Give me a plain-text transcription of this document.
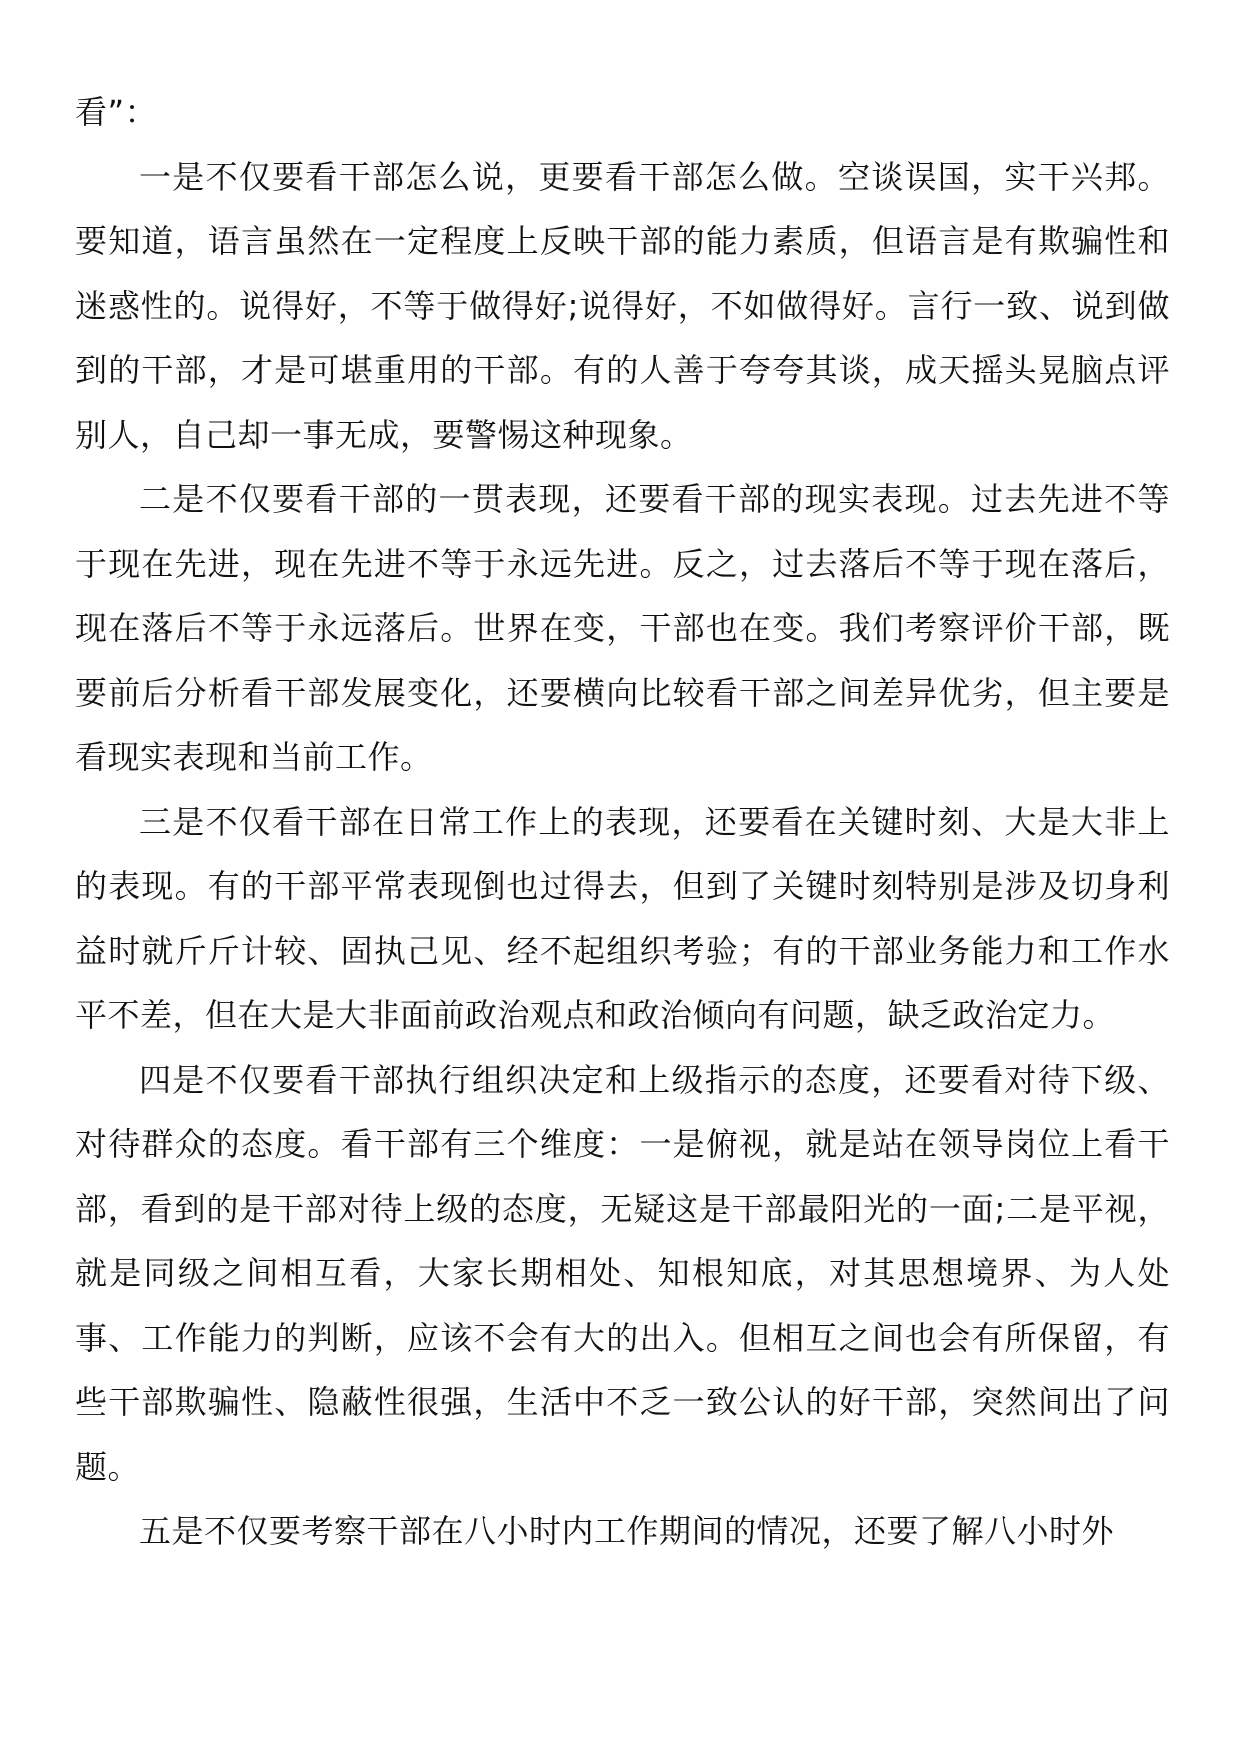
看”：

一是不仅要看干部怎么说，更要看干部怎么做。空谈误国，实干兴邦。要知道，语言虽然在一定程度上反映干部的能力素质，但语言是有欺骗性和迷惑性的。说得好，不等于做得好;说得好，不如做得好。言行一致、说到做到的干部，才是可堪重用的干部。有的人善于夸夸其谈，成天摇头晃脑点评别人，自己却一事无成，要警惕这种现象。

二是不仅要看干部的一贯表现，还要看干部的现实表现。过去先进不等于现在先进，现在先进不等于永远先进。反之，过去落后不等于现在落后，现在落后不等于永远落后。世界在变，干部也在变。我们考察评价干部，既要前后分析看干部发展变化，还要横向比较看干部之间差异优劣，但主要是看现实表现和当前工作。

三是不仅看干部在日常工作上的表现，还要看在关键时刻、大是大非上的表现。有的干部平常表现倒也过得去，但到了关键时刻特别是涉及切身利益时就斤斤计较、固执己见、经不起组织考验；有的干部业务能力和工作水平不差，但在大是大非面前政治观点和政治倾向有问题，缺乏政治定力。

四是不仅要看干部执行组织决定和上级指示的态度，还要看对待下级、对待群众的态度。看干部有三个维度：一是俯视，就是站在领导岗位上看干部，看到的是干部对待上级的态度，无疑这是干部最阳光的一面;二是平视，就是同级之间相互看，大家长期相处、知根知底，对其思想境界、为人处事、工作能力的判断，应该不会有大的出入。但相互之间也会有所保留，有些干部欺骗性、隐蔽性很强，生活中不乏一致公认的好干部，突然间出了问题。

五是不仅要考察干部在八小时内工作期间的情况，还要了解八小时外
